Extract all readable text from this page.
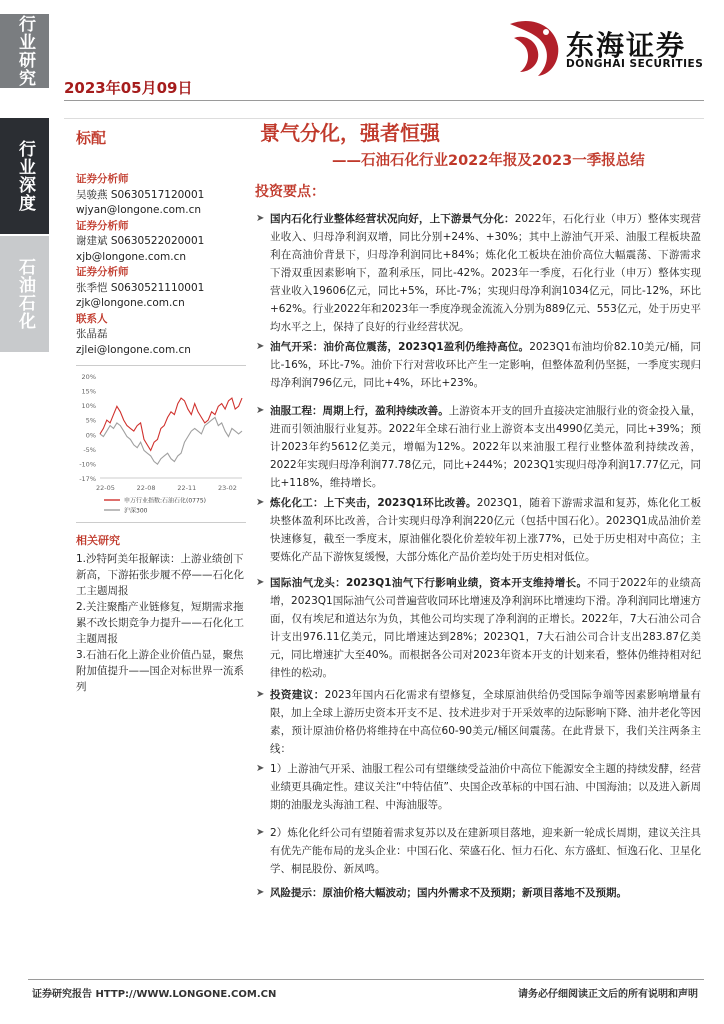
行业研究
行业深度
石油石化
2023年05月09日
东海证券
DONGHAI SECURITIES
标配	景气分化，强者恒强
——石油石化行业2022年报及2023一季报总结
证券分析师
吴骏燕 S0630517120001
wjyan@longone.com.cn
证券分析师
谢建斌 S0630522020001
xjb@longone.com.cn
证券分析师
张季恺 S0630521110001
zjk@longone.com.cn
联系人
张晶磊
zjlei@longone.com.cn
20%
15%
10%
5%
0%
-5%
-10%
-17%
22-05	22-08	22-11	23-02
申万行业指数:石油石化(0775)
沪深300
相关研究
1.沙特阿美年报解读：上游业绩创下新高，下游拓张步履不停——石化化工主题周报
2.关注聚酯产业链修复，短期需求拖累不改长期竞争力提升——石化化工主题周报
3.石油石化上游企业价值凸显，聚焦附加值提升——国企对标世界一流系列
投资要点：
➤ 国内石化行业整体经营状况向好，上下游景气分化：2022年，石化行业（申万）整体实现营业收入、归母净利润双增，同比分别+24%、+30%；其中上游油气开采、油服工程板块盈利在高油价背景下，归母净利润同比+84%；炼化化工板块在油价高位大幅震荡、下游需求下滑双重因素影响下，盈利承压，同比-42%。2023年一季度，石化行业（申万）整体实现营业收入19606亿元，同比+5%，环比-7%；实现归母净利润1034亿元，同比-12%，环比+62%。行业2022年和2023年一季度净现金流流入分别为889亿元、553亿元，处于历史平均水平之上，保持了良好的行业经营状况。
➤ 油气开采：油价高位震荡，2023Q1盈利仍维持高位。2023Q1布油均价82.10美元/桶，同比-16%，环比-7%。油价下行对营收环比产生一定影响，但整体盈利仍坚挺，一季度实现归母净利润796亿元，同比+4%，环比+23%。
➤ 油服工程：周期上行，盈利持续改善。上游资本开支的回升直接决定油服行业的资金投入量，进而引领油服行业复苏。2022年全球石油行业上游资本支出4990亿美元，同比+39%；预计2023年约5612亿美元，增幅为12%。2022年以来油服工程行业整体盈利持续改善，2022年实现归母净利润77.78亿元，同比+244%；2023Q1实现归母净利润17.77亿元，同比+118%，维持增长。
➤ 炼化化工：上下夹击，2023Q1环比改善。2023Q1，随着下游需求温和复苏，炼化化工板块整体盈利环比改善，合计实现归母净利润220亿元（包括中国石化）。2023Q1成品油价差快速修复，截至一季度末，原油催化裂化价差较年初上涨77%，已处于历史相对中高位；主要炼化产品下游恢复缓慢，大部分炼化产品价差均处于历史相对低位。
➤ 国际油气龙头：2023Q1油气下行影响业绩，资本开支维持增长。不同于2022年的业绩高增，2023Q1国际油气公司普遍营收同环比增速及净利润环比增速均下滑。净利润同比增速方面，仅有埃尼和道达尔为负，其他公司均实现了净利润的正增长。2022年，7大石油公司合计支出976.11亿美元，同比增速达到28%；2023Q1，7大石油公司合计支出283.87亿美元，同比增速扩大至40%。而根据各公司对2023年资本开支的计划来看，整体仍维持相对纪律性的松动。
➤ 投资建议：2023年国内石化需求有望修复，全球原油供给仍受国际争端等因素影响增量有限，加上全球上游历史资本开支不足、技术进步对于开采效率的边际影响下降、油井老化等因素，预计原油价格仍将维持在中高位60-90美元/桶区间震荡。在此背景下，我们关注两条主线：
➤ 1）上游油气开采、油服工程公司有望继续受益油价中高位下能源安全主题的持续发酵，经营业绩更具确定性。建议关注“中特估值”、央国企改革标的中国石油、中国海油；以及进入新周期的油服龙头海油工程、中海油服等。
➤ 2）炼化化纤公司有望随着需求复苏以及在建新项目落地，迎来新一轮成长周期，建议关注具有优先产能布局的龙头企业：中国石化、荣盛石化、恒力石化、东方盛虹、恒逸石化、卫星化学、桐昆股份、新凤鸣。
➤ 风险提示：原油价格大幅波动；国内外需求不及预期；新项目落地不及预期。
证券研究报告 HTTP://WWW.LONGONE.COM.CN	请务必仔细阅读正文后的所有说明和声明
